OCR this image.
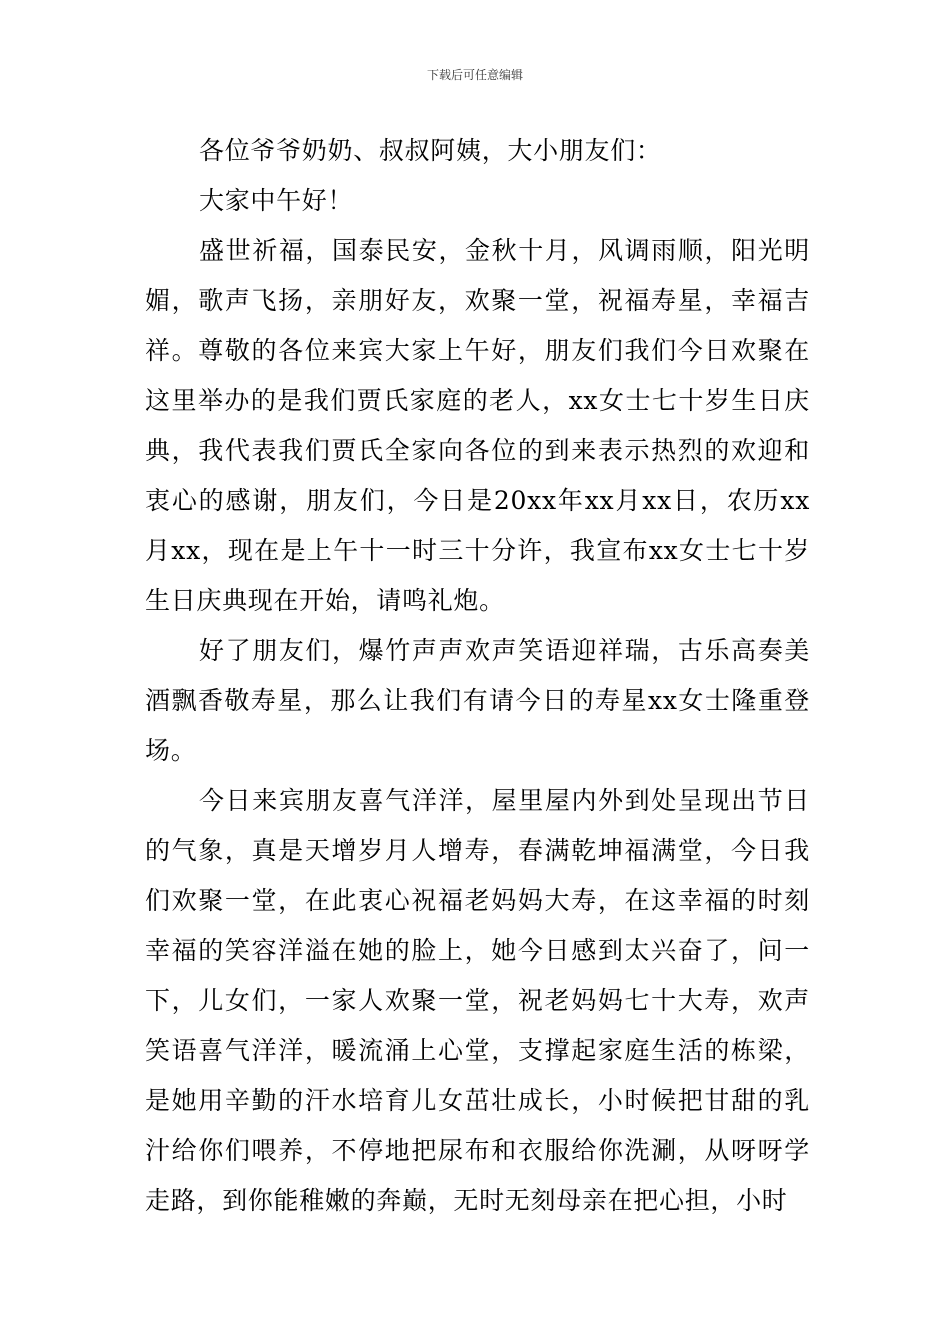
下载后可任意编辑

各位爷爷奶奶、叔叔阿姨，大小朋友们：

大家中午好！

盛世祈福，国泰民安，金秋十月，风调雨顺，阳光明媚，歌声飞扬，亲朋好友，欢聚一堂，祝福寿星，幸福吉祥。尊敬的各位来宾大家上午好，朋友们我们今日欢聚在这里举办的是我们贾氏家庭的老人，xx女士七十岁生日庆典，我代表我们贾氏全家向各位的到来表示热烈的欢迎和衷心的感谢，朋友们，今日是20xx年xx月xx日，农历xx月xx，现在是上午十一时三十分许，我宣布xx女士七十岁生日庆典现在开始，请鸣礼炮。

好了朋友们，爆竹声声欢声笑语迎祥瑞，古乐高奏美酒飘香敬寿星，那么让我们有请今日的寿星xx女士隆重登场。

今日来宾朋友喜气洋洋，屋里屋内外到处呈现出节日的气象，真是天增岁月人增寿，春满乾坤福满堂，今日我们欢聚一堂，在此衷心祝福老妈妈大寿，在这幸福的时刻幸福的笑容洋溢在她的脸上，她今日感到太兴奋了，问一下，儿女们，一家人欢聚一堂，祝老妈妈七十大寿，欢声笑语喜气洋洋，暖流涌上心堂，支撑起家庭生活的栋梁，是她用辛勤的汗水培育儿女茁壮成长，小时候把甘甜的乳汁给你们喂养，不停地把尿布和衣服给你洗涮，从呀呀学走路，到你能稚嫩的奔巅，无时无刻母亲在把心担，小时
